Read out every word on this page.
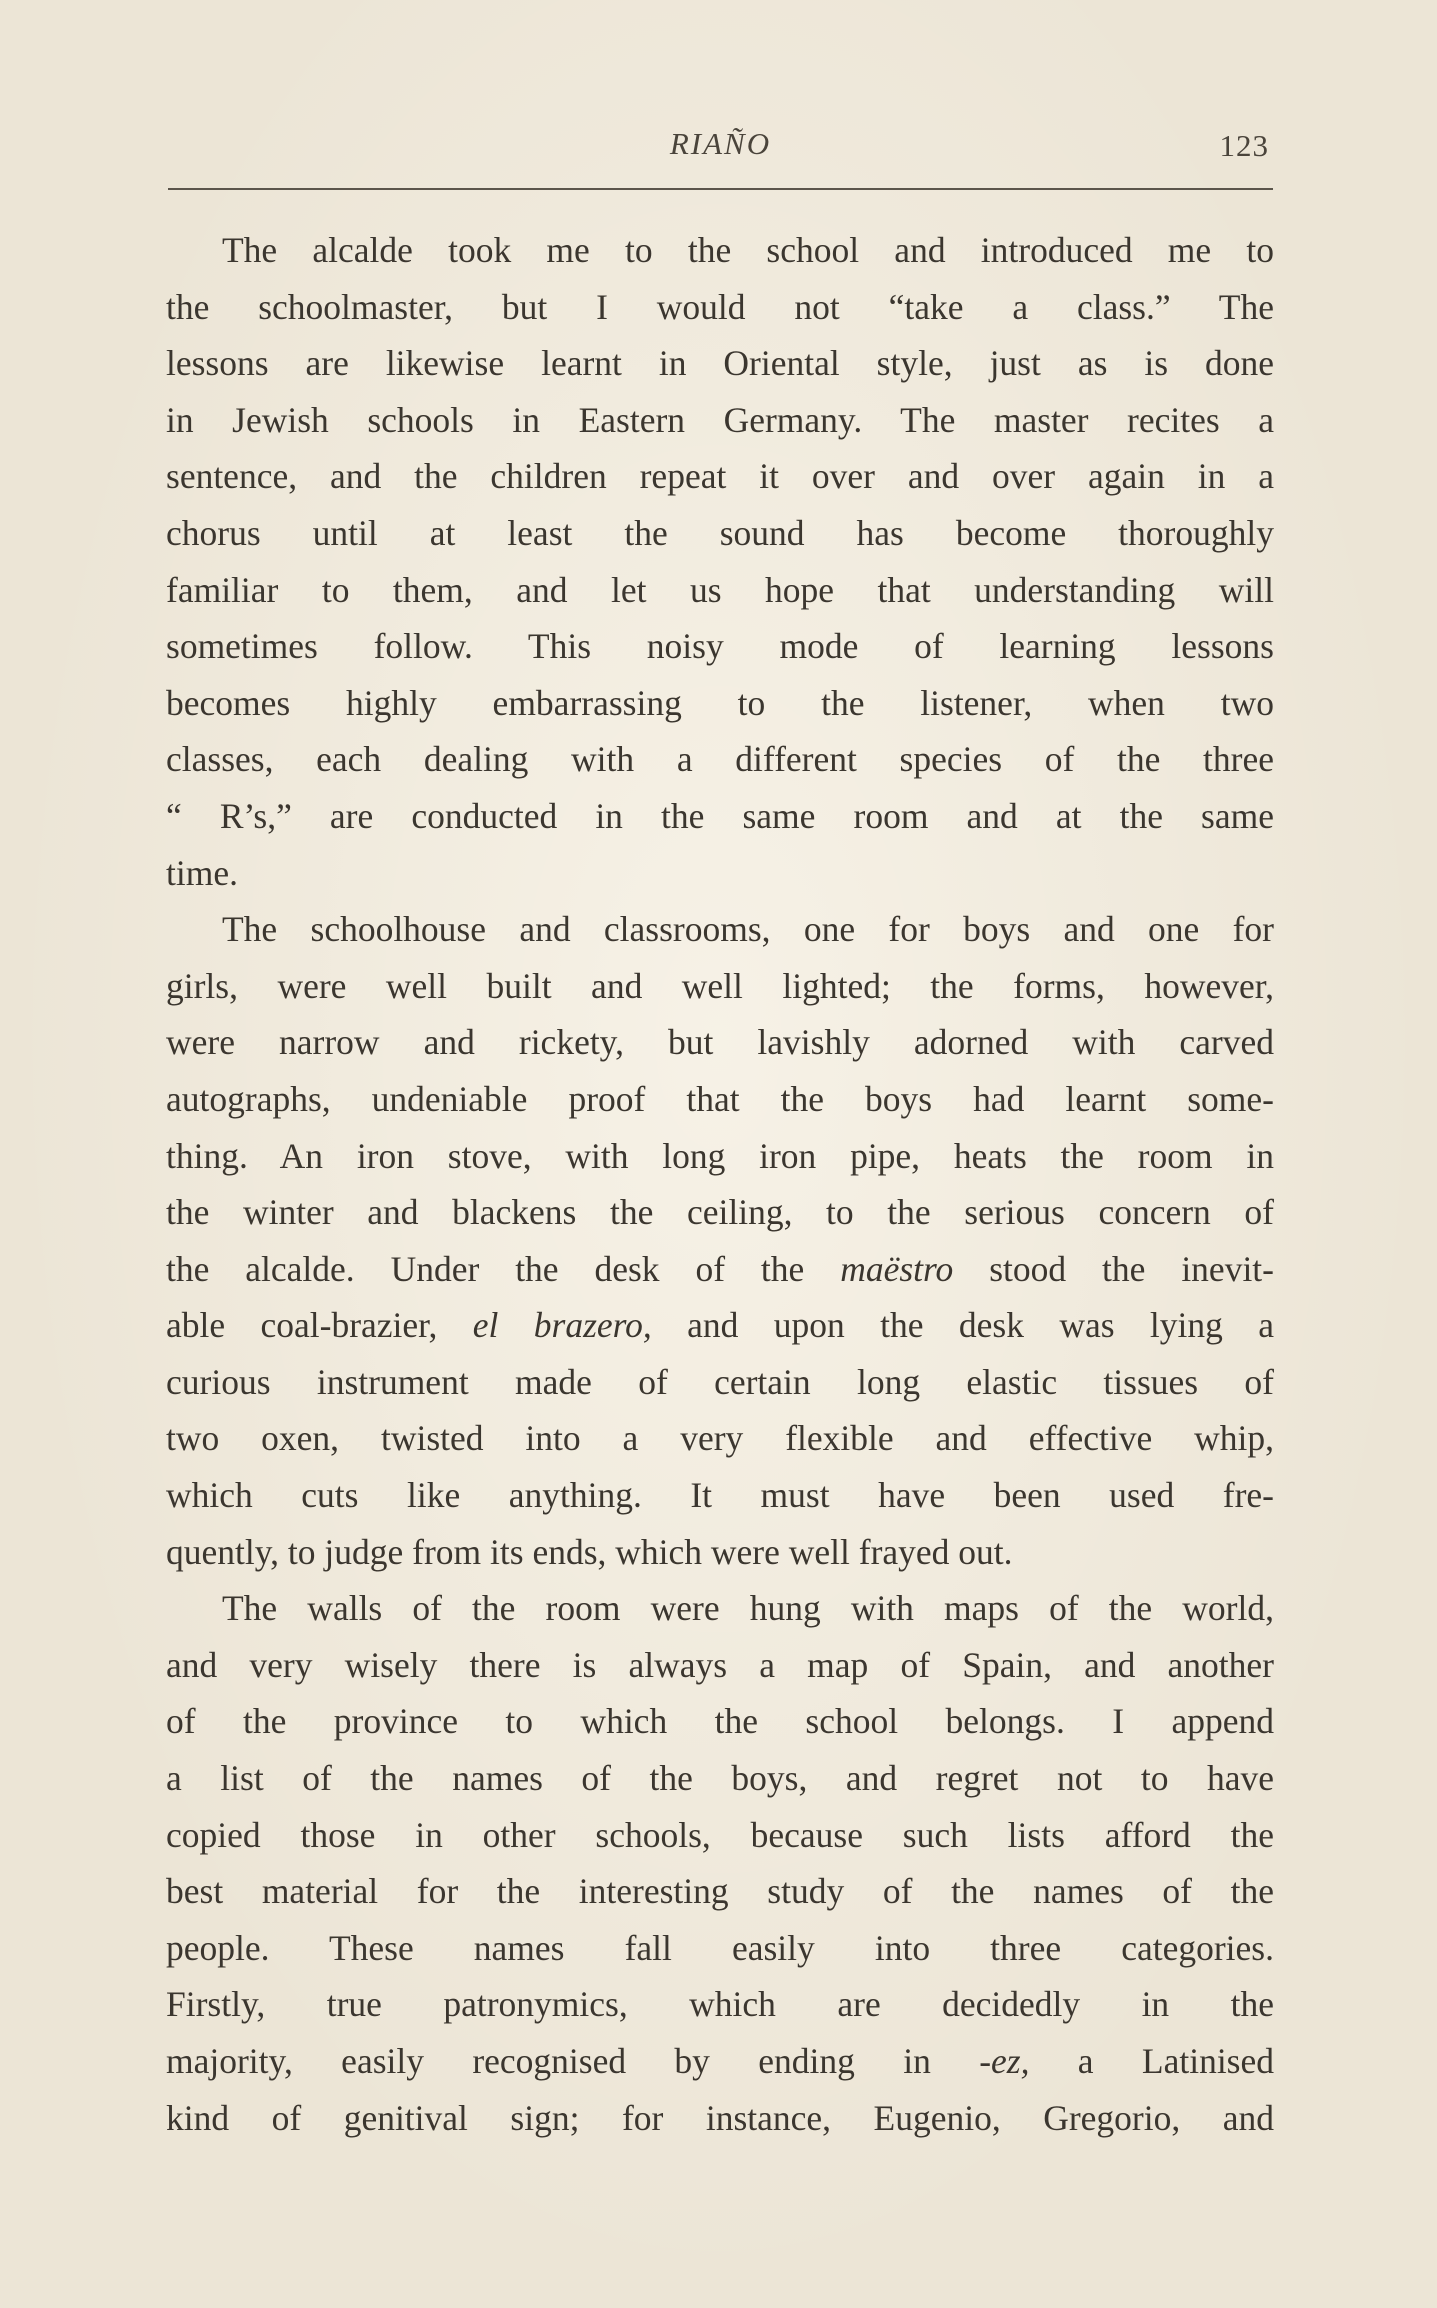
RIAÑO	123
The alcalde took me to the school and introduced me to
the schoolmaster, but I would not “take a class.” The
lessons are likewise learnt in Oriental style, just as is done
in Jewish schools in Eastern Germany. The master recites a
sentence, and the children repeat it over and over again in a
chorus until at least the sound has become thoroughly
familiar to them, and let us hope that understanding will
sometimes follow. This noisy mode of learning lessons
becomes highly embarrassing to the listener, when two
classes, each dealing with a different species of the three
“ R’s,” are conducted in the same room and at the same
time.
The schoolhouse and classrooms, one for boys and one for
girls, were well built and well lighted; the forms, however,
were narrow and rickety, but lavishly adorned with carved
autographs, undeniable proof that the boys had learnt some-
thing. An iron stove, with long iron pipe, heats the room in
the winter and blackens the ceiling, to the serious concern of
the alcalde. Under the desk of the maëstro stood the inevit-
able coal-brazier, el brazero, and upon the desk was lying a
curious instrument made of certain long elastic tissues of
two oxen, twisted into a very flexible and effective whip,
which cuts like anything. It must have been used fre-
quently, to judge from its ends, which were well frayed out.
The walls of the room were hung with maps of the world,
and very wisely there is always a map of Spain, and another
of the province to which the school belongs. I append
a list of the names of the boys, and regret not to have
copied those in other schools, because such lists afford the
best material for the interesting study of the names of the
people. These names fall easily into three categories.
Firstly, true patronymics, which are decidedly in the
majority, easily recognised by ending in -ez, a Latinised
kind of genitival sign; for instance, Eugenio, Gregorio, and
